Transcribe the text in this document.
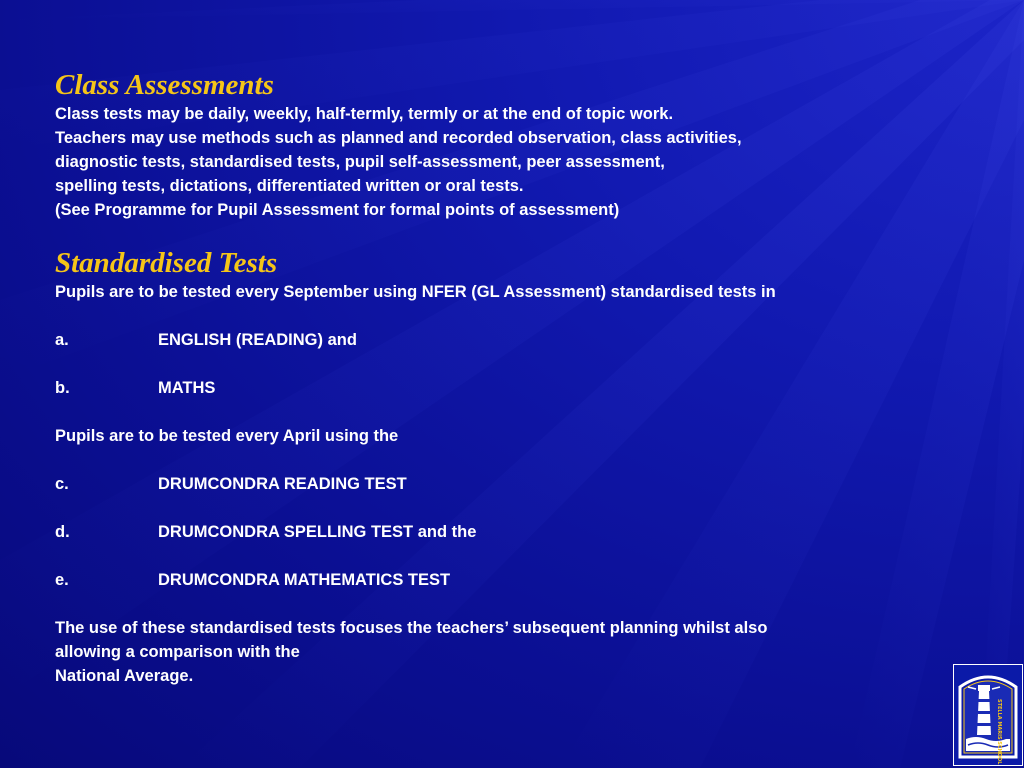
Class Assessments
Class tests may be daily, weekly, half-termly, termly or at the end of topic work.
Teachers may use methods such as planned and recorded observation, class activities,
diagnostic tests, standardised tests, pupil self-assessment, peer assessment,
spelling tests, dictations, differentiated written or oral tests.
(See Programme for Pupil Assessment for formal points of assessment)
Standardised Tests
Pupils are to be tested every September using NFER (GL Assessment) standardised tests in
a.	ENGLISH (READING) and
b.	MATHS
Pupils are to be tested every April using the
c.	DRUMCONDRA READING TEST
d.	DRUMCONDRA SPELLING TEST and the
e.	DRUMCONDRA MATHEMATICS TEST
The use of these standardised tests focuses the teachers’ subsequent planning whilst also
allowing a comparison with the
National Average.
STELLA MARIS SCHOOL
